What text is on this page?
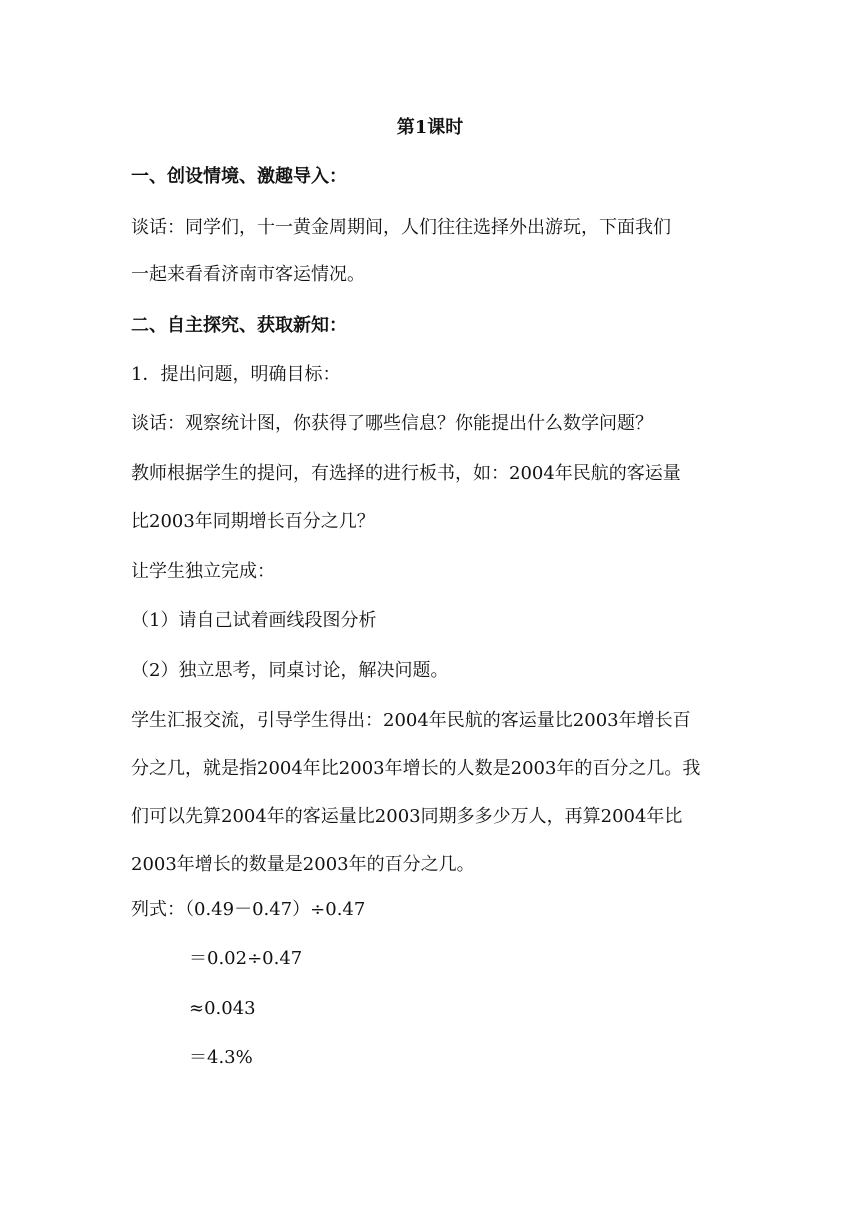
第1课时
一、创设情境、激趣导入：
谈话：同学们，十一黄金周期间，人们往往选择外出游玩，下面我们
一起来看看济南市客运情况。
二、自主探究、获取新知：
1．提出问题，明确目标：
谈话：观察统计图，你获得了哪些信息？你能提出什么数学问题？
教师根据学生的提问，有选择的进行板书，如：2004年民航的客运量
比2003年同期增长百分之几？
让学生独立完成：
（1）请自己试着画线段图分析
（2）独立思考，同桌讨论，解决问题。
学生汇报交流，引导学生得出：2004年民航的客运量比2003年增长百
分之几，就是指2004年比2003年增长的人数是2003年的百分之几。我
们可以先算2004年的客运量比2003同期多多少万人，再算2004年比
2003年增长的数量是2003年的百分之几。
列式：（0.49－0.47）÷0.47
＝0.02÷0.47
≈0.043
＝4.3%
